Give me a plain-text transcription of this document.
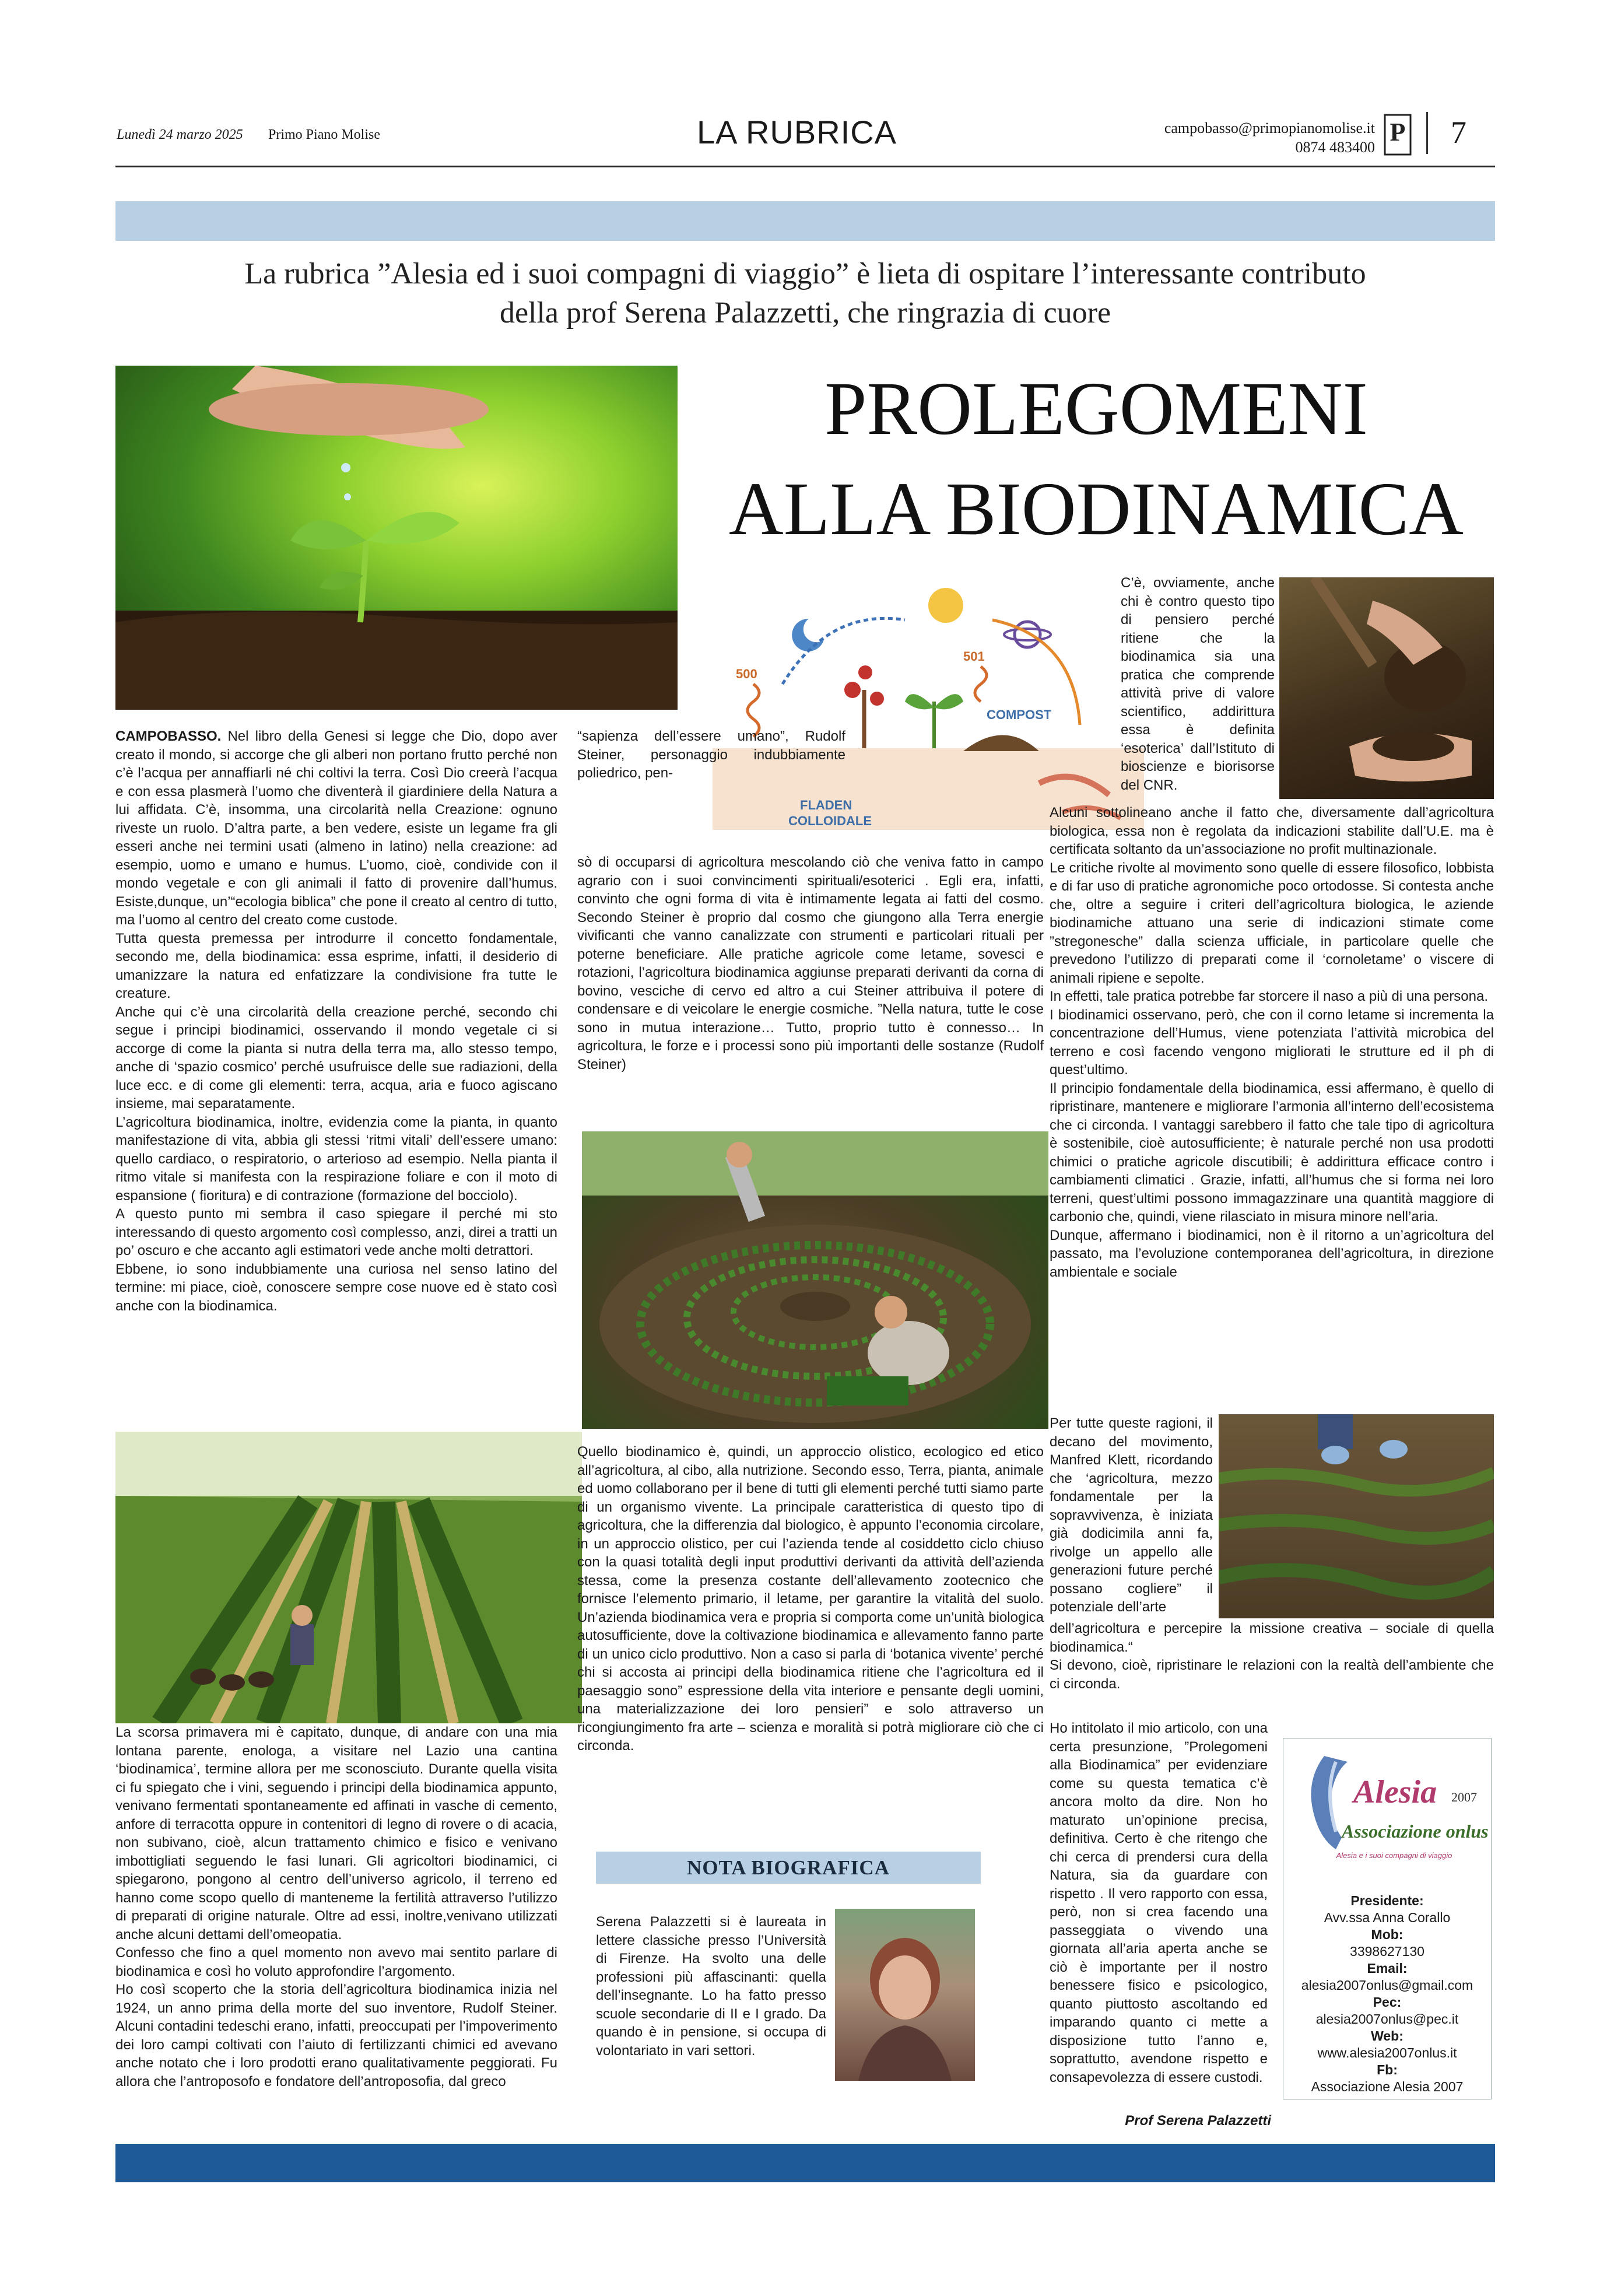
Lunedì 24 marzo 2025 Primo Piano Molise	LA RUBRICA	campobasso@primopianomolise.it
0874 483400
P 7
La rubrica ”Alesia ed i suoi compagni di viaggio” è lieta di ospitare l’interessante contributo
della prof Serena Palazzetti, che ringrazia di cuore
PROLEGOMENI
ALLA BIODINAMICA
500
501
COMPOST
FLADEN
COLLOIDALE

CAMPOBASSO. Nel libro della Genesi si legge che Dio, dopo aver creato il mondo, si accorge che gli alberi non portano frutto perché non c’è l’acqua per annaffiarli né chi coltivi la terra. Così Dio creerà l’acqua e con essa plasmerà l’uomo che diventerà il giardiniere della Natura a lui affidata. C’è, insomma, una circolarità nella Creazione: ognuno riveste un ruolo. D’altra parte, a ben vedere, esiste un legame fra gli esseri anche nei termini usati (almeno in latino) nella creazione: ad esempio, uomo e umano e humus. L’uomo, cioè, condivide con il mondo vegetale e con gli animali il fatto di provenire dall’humus. Esiste,dunque, un’“ecologia biblica” che pone il creato al centro di tutto, ma l’uomo al centro del creato come custode.

Tutta questa premessa per introdurre il concetto fondamentale, secondo me, della biodinamica: essa esprime, infatti, il desiderio di umanizzare la natura ed enfatizzare la condivisione fra tutte le creature.

Anche qui c’è una circolarità della creazione perché, secondo chi segue i principi biodinamici, osservando il mondo vegetale ci si accorge di come la pianta si nutra della terra ma, allo stesso tempo, anche di ‘spazio cosmico’ perché usufruisce delle sue radiazioni, della luce ecc. e di come gli elementi: terra, acqua, aria e fuoco agiscano insieme, mai separatamente.

L’agricoltura biodinamica, inoltre, evidenzia come la pianta, in quanto manifestazione di vita, abbia gli stessi ‘ritmi vitali’ dell’essere umano: quello cardiaco, o respiratorio, o arterioso ad esempio. Nella pianta il ritmo vitale si manifesta con la respirazione foliare e con il moto di espansione ( fioritura) e di contrazione (formazione del bocciolo).

A questo punto mi sembra il caso spiegare il perché mi sto interessando di questo argomento così complesso, anzi, direi a tratti un po’ oscuro e che accanto agli estimatori vede anche molti detrattori.

Ebbene, io sono indubbiamente una curiosa nel senso latino del termine: mi piace, cioè, conoscere sempre cose nuove ed è stato così anche con la biodinamica.

“sapienza dell’essere umano”, Rudolf Steiner, personaggio indubbiamente poliedrico, pen-

sò di occuparsi di agricoltura mescolando ciò che veniva fatto in campo agrario con i suoi convincimenti spirituali/esoterici . Egli era, infatti, convinto che ogni forma di vita è intimamente legata ai fatti del cosmo. Secondo Steiner è proprio dal cosmo che giungono alla Terra energie vivificanti che vanno canalizzate con strumenti e particolari rituali per poterne beneficiare. Alle pratiche agricole come letame, sovesci e rotazioni, l’agricoltura biodinamica aggiunse preparati derivanti da corna di bovino, vesciche di cervo ed altro a cui Steiner attribuiva il potere di condensare e di veicolare le energie cosmiche. ”Nella natura, tutte le cose sono in mutua interazione… Tutto, proprio tutto è connesso… In agricoltura, le forze e i processi sono più importanti delle sostanze (Rudolf Steiner)

C’è, ovviamente, anche chi è contro questo tipo di pensiero perché ritiene che la biodinamica sia una pratica che comprende attività prive di valore scientifico, addirittura essa è definita ‘esoterica’ dall’Istituto di bioscienze e biorisorse del CNR.

Alcuni sottolineano anche il fatto che, diversamente dall’agricoltura biologica, essa non è regolata da indicazioni stabilite dall’U.E. ma è certificata soltanto da un’associazione no profit multinazionale.

Le critiche rivolte al movimento sono quelle di essere filosofico, lobbista e di far uso di pratiche agronomiche poco ortodosse. Si contesta anche che, oltre a seguire i criteri dell’agricoltura biologica, le aziende biodinamiche attuano una serie di indicazioni stimate come ”stregonesche” dalla scienza ufficiale, in particolare quelle che prevedono l’utilizzo di preparati come il ‘cornoletame’ o viscere di animali ripiene e sepolte.

In effetti, tale pratica potrebbe far storcere il naso a più di una persona.

I biodinamici osservano, però, che con il corno letame si incrementa la concentrazione dell’Humus, viene potenziata l’attività microbica del terreno e così facendo vengono migliorati le strutture ed il ph di quest’ultimo.

Il principio fondamentale della biodinamica, essi affermano, è quello di ripristinare, mantenere e migliorare l’armonia all’interno dell’ecosistema che ci circonda. I vantaggi sarebbero il fatto che tale tipo di agricoltura è sostenibile, cioè autosufficiente; è naturale perché non usa prodotti chimici o pratiche agricole discutibili; è addirittura efficace contro i cambiamenti climatici . Grazie, infatti, all’humus che si forma nei loro terreni, quest’ultimi possono immagazzinare una quantità maggiore di carbonio che, quindi, viene rilasciato in misura minore nell’aria.

Dunque, affermano i biodinamici, non è il ritorno a un’agricoltura del passato, ma l’evoluzione contemporanea dell’agricoltura, in direzione ambientale e sociale

Per tutte queste ragioni, il decano del movimento, Manfred Klett, ricordando che ‘agricoltura, mezzo fondamentale per la sopravvivenza, è iniziata già dodicimila anni fa, rivolge un appello alle generazioni future perché possano cogliere” il potenziale dell’arte

dell’agricoltura e percepire la missione creativa – sociale di quella biodinamica.“

Si devono, cioè, ripristinare le relazioni con la realtà dell’ambiente che ci circonda.

Ho intitolato il mio articolo, con una certa presunzione, ”Prolegomeni alla Biodinamica” per evidenziare come su questa tematica c’è ancora molto da dire. Non ho maturato un’opinione precisa, definitiva. Certo è che ritengo che chi cerca di prendersi cura della Natura, sia da guardare con rispetto . Il vero rapporto con essa, però, non si crea facendo una passeggiata o vivendo una giornata all’aria aperta anche se ciò è importante per il nostro benessere fisico e psicologico, quanto piuttosto ascoltando ed imparando quanto ci mette a disposizione tutto l’anno e, soprattutto, avendone rispetto e consapevolezza di essere custodi.

La scorsa primavera mi è capitato, dunque, di andare con una mia lontana parente, enologa, a visitare nel Lazio una cantina ‘biodinamica’, termine allora per me sconosciuto. Durante quella visita ci fu spiegato che i vini, seguendo i principi della biodinamica appunto, venivano fermentati spontaneamente ed affinati in vasche di cemento, anfore di terracotta oppure in contenitori di legno di rovere o di acacia, non subivano, cioè, alcun trattamento chimico e fisico e venivano imbottigliati seguendo le fasi lunari. Gli agricoltori biodinamici, ci spiegarono, pongono al centro dell’universo agricolo, il terreno ed hanno come scopo quello di manteneme la fertilità attraverso l’utilizzo di preparati di origine naturale. Oltre ad essi, inoltre,venivano utilizzati anche alcuni dettami dell’omeopatia.

Confesso che fino a quel momento non avevo mai sentito parlare di biodinamica e così ho voluto approfondire l’argomento.

Ho così scoperto che la storia dell’agricoltura biodinamica inizia nel 1924, un anno prima della morte del suo inventore, Rudolf Steiner. Alcuni contadini tedeschi erano, infatti, preoccupati per l’impoverimento dei loro campi coltivati con l’aiuto di fertilizzanti chimici ed avevano anche notato che i loro prodotti erano qualitativamente peggiorati. Fu allora che l’antroposofo e fondatore dell’antroposofia, dal greco

Quello biodinamico è, quindi, un approccio olistico, ecologico ed etico all’agricoltura, al cibo, alla nutrizione. Secondo esso, Terra, pianta, animale ed uomo collaborano per il bene di tutti gli elementi perché tutti siamo parte di un organismo vivente. La principale caratteristica di questo tipo di agricoltura, che la differenzia dal biologico, è appunto l’economia circolare, in un approccio olistico, per cui l’azienda tende al cosiddetto ciclo chiuso con la quasi totalità degli input produttivi derivanti da attività dell’azienda stessa, come la presenza costante dell’allevamento zootecnico che fornisce l’elemento primario, il letame, per garantire la vitalità del suolo. Un’azienda biodinamica vera e propria si comporta come un’unità biologica autosufficiente, dove la coltivazione biodinamica e allevamento fanno parte di un unico ciclo produttivo. Non a caso si parla di ‘botanica vivente’ perché chi si accosta ai principi della biodinamica ritiene che l’agricoltura ed il paesaggio sono” espressione della vita interiore e pensante degli uomini, una materializzazione dei loro pensieri” e solo attraverso un ricongiungimento fra arte – scienza e moralità si potrà migliorare ciò che ci circonda.

NOTA BIOGRAFICA

Serena Palazzetti si è laureata in lettere classiche presso l’Università di Firenze. Ha svolto una delle professioni più affascinanti: quella dell’insegnante. Lo ha fatto presso scuole secondarie di II e I grado. Da quando è in pensione, si occupa di volontariato in vari settori.

Alesia 2007
Associazione onlus
Alesia e i suoi compagni di viaggio
Presidente:
Avv.ssa Anna Corallo
Mob:
3398627130
Email:
alesia2007onlus@gmail.com
Pec:
alesia2007onlus@pec.it
Web:
www.alesia2007onlus.it
Fb:
Associazione Alesia 2007
Prof Serena Palazzetti
